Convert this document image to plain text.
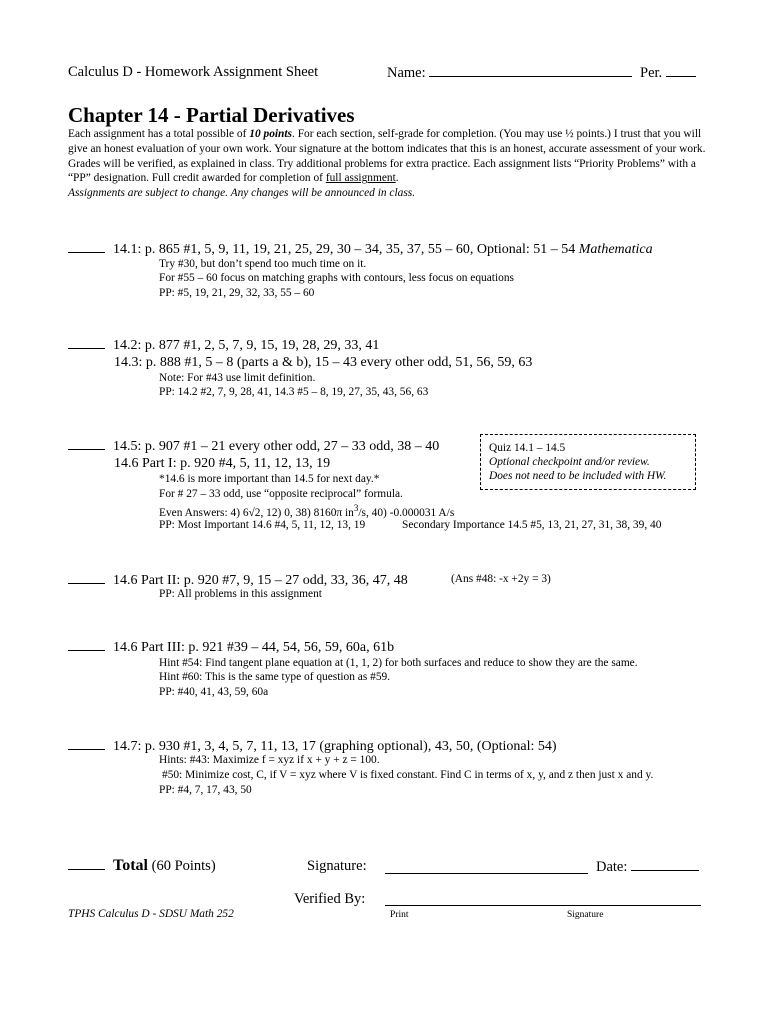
Calculus D - Homework Assignment Sheet	Name:	Per.
Chapter 14 - Partial Derivatives
Each assignment has a total possible of 10 points. For each section, self-grade for completion. (You may use ½ points.) I trust that you will give an honest evaluation of your own work. Your signature at the bottom indicates that this is an honest, accurate assessment of your work. Grades will be verified, as explained in class. Try additional problems for extra practice. Each assignment lists “Priority Problems” with a “PP” designation. Full credit awarded for completion of full assignment.
Assignments are subject to change. Any changes will be announced in class.
14.1: p. 865 #1, 5, 9, 11, 19, 21, 25, 29, 30 – 34, 35, 37, 55 – 60, Optional: 51 – 54 Mathematica
Try #30, but don’t spend too much time on it.
For #55 – 60 focus on matching graphs with contours, less focus on equations
PP: #5, 19, 21, 29, 32, 33, 55 – 60
14.2: p. 877 #1, 2, 5, 7, 9, 15, 19, 28, 29, 33, 41
14.3: p. 888 #1, 5 – 8 (parts a & b), 15 – 43 every other odd, 51, 56, 59, 63
Note: For #43 use limit definition.
PP: 14.2 #2, 7, 9, 28, 41, 14.3 #5 – 8, 19, 27, 35, 43, 56, 63
14.5: p. 907 #1 – 21 every other odd, 27 – 33 odd, 38 – 40
14.6 Part I: p. 920 #4, 5, 11, 12, 13, 19
*14.6 is more important than 14.5 for next day.*
For # 27 – 33 odd, use “opposite reciprocal” formula.
Even Answers: 4) 6√2, 12) 0, 38) 8160π $in^3/s$, 40) -0.000031 A/s
PP: Most Important 14.6 #4, 5, 11, 12, 13, 19	Secondary Importance 14.5 #5, 13, 21, 27, 31, 38, 39, 40
Quiz 14.1 – 14.5
Optional checkpoint and/or review.
Does not need to be included with HW.
14.6 Part II: p. 920 #7, 9, 15 – 27 odd, 33, 36, 47, 48	(Ans #48: -x +2y = 3)
PP: All problems in this assignment
14.6 Part III: p. 921 #39 – 44, 54, 56, 59, 60a, 61b
Hint #54: Find tangent plane equation at (1, 1, 2) for both surfaces and reduce to show they are the same.
Hint #60: This is the same type of question as #59.
PP: #40, 41, 43, 59, 60a
14.7: p. 930 #1, 3, 4, 5, 7, 11, 13, 17 (graphing optional), 43, 50, (Optional: 54)
Hints: #43: Maximize f = xyz if x + y + z = 100.
#50: Minimize cost, C, if V = xyz where V is fixed constant. Find C in terms of x, y, and z then just x and y.
PP: #4, 7, 17, 43, 50
Total (60 Points)	Signature:	Date:
Verified By:
Print	Signature
TPHS Calculus D - SDSU Math 252
